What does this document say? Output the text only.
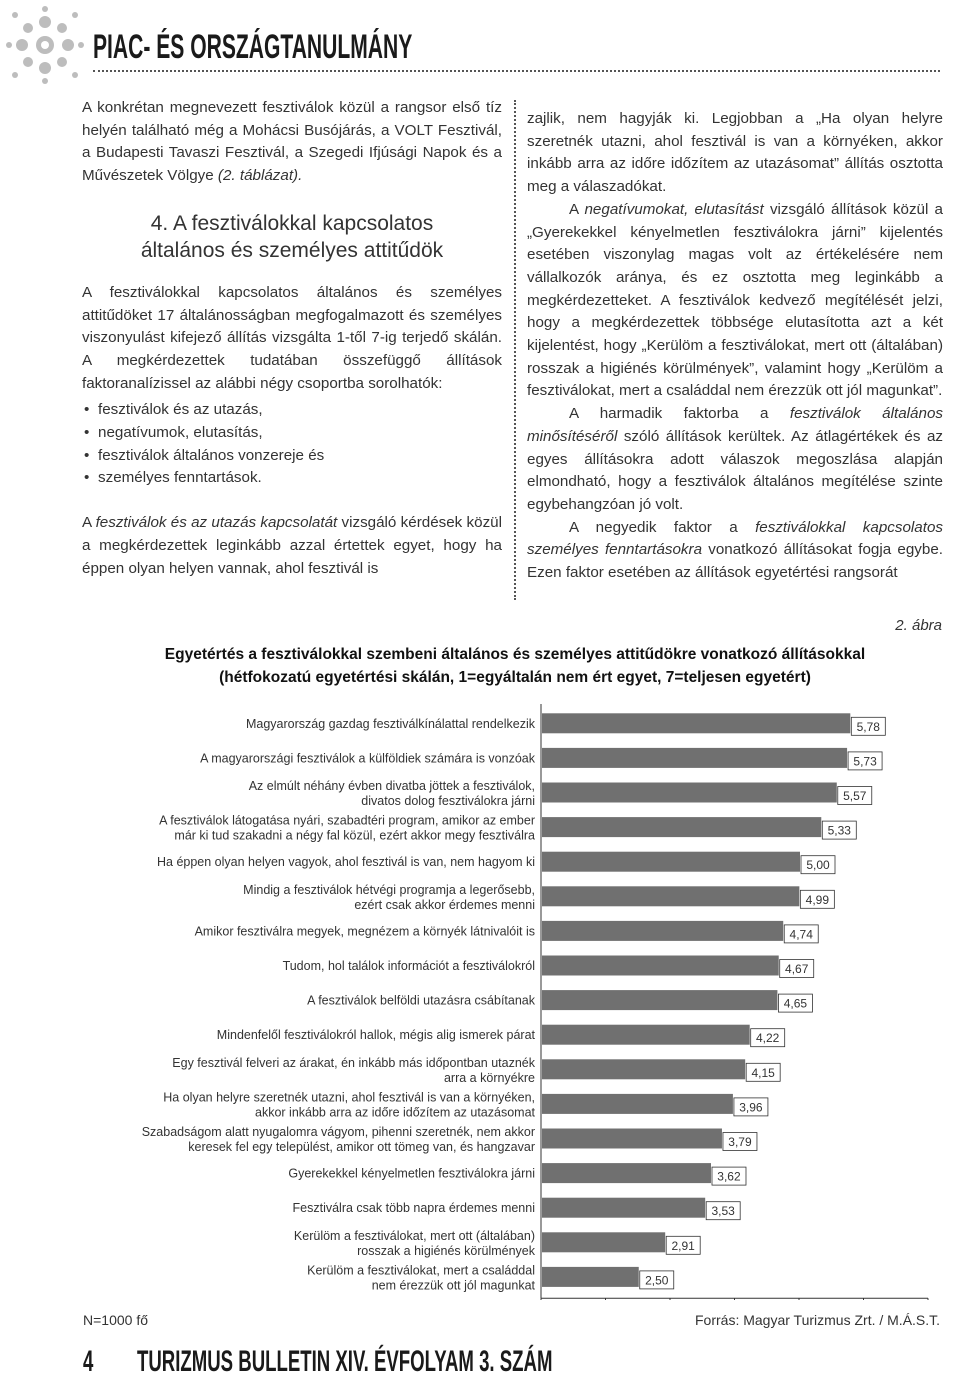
PIAC- ÉS ORSZÁGTANULMÁNY

A konkrétan megnevezett fesztiválok közül a rangsor első tíz helyén található még a Mohácsi Busójárás, a VOLT Fesztivál, a Budapesti Tavaszi Fesztivál, a Szegedi Ifjúsági Napok és a Művészetek Völgye (2. táblázat).

4. A fesztiválokkal kapcsolatos
általános és személyes attitűdök

A fesztiválokkal kapcsolatos általános és személyes attitűdöket 17 általánosságban megfogalmazott és személyes viszonyulást kifejező állítás vizsgálta 1-től 7-ig terjedő skálán. A megkérdezettek tudatában összefüggő állítások faktoranalízissel az alábbi négy csoportba sorolhatók:

• fesztiválok és az utazás,
• negatívumok, elutasítás,
• fesztiválok általános vonzereje és
• személyes fenntartások.

A fesztiválok és az utazás kapcsolatát vizsgáló kérdések közül a megkérdezettek leginkább azzal értettek egyet, hogy ha éppen olyan helyen vannak, ahol fesztivál is

zajlik, nem hagyják ki. Legjobban a „Ha olyan helyre szeretnék utazni, ahol fesztivál is van a környéken, akkor inkább arra az időre időzítem az utazásomat” állítás osztotta meg a válaszadókat.

A negatívumokat, elutasítást vizsgáló állítások közül a „Gyerekekkel kényelmetlen fesztiválokra járni” kijelentés esetében viszonylag magas volt az értékelésére nem vállalkozók aránya, és ez osztotta meg leginkább a megkérdezetteket. A fesztiválok kedvező megítélését jelzi, hogy a megkérdezettek többsége elutasította azt a két kijelentést, hogy „Kerülöm a fesztiválokat, mert ott (általában) rosszak a higiénés körülmények”, valamint hogy „Kerülöm a fesztiválokat, mert a családdal nem érezzük ott jól magunkat”.

A harmadik faktorba a fesztiválok általános minősítéséről szóló állítások kerültek. Az átlagértékek és az egyes állításokra adott válaszok megoszlása alapján elmondható, hogy a fesztiválok általános megítélése szinte egybehangzóan jó volt.

A negyedik faktor a fesztiválokkal kapcsolatos személyes fenntartásokra vonatkozó állításokat fogja egybe. Ezen faktor esetében az állítások egyetértési rangsorát

2. ábra
Egyetértés a fesztiválokkal szembeni általános és személyes attitűdökre vonatkozó állításokkal
(hétfokozatú egyetértési skálán, 1=egyáltalán nem ért egyet, 7=teljesen egyetért)
5,78
Magyarország gazdag fesztiválkínálattal rendelkezik
5,73
A magyarországi fesztiválok a külföldiek számára is vonzóak
5,57
Az elmúlt néhány évben divatba jöttek a fesztiválok,
divatos dolog fesztiválokra járni
5,33
A fesztiválok látogatása nyári, szabadtéri program, amikor az ember
már ki tud szakadni a négy fal közül, ezért akkor megy fesztiválra
5,00
Ha éppen olyan helyen vagyok, ahol fesztivál is van, nem hagyom ki
4,99
Mindig a fesztiválok hétvégi programja a legerősebb,
ezért csak akkor érdemes menni
4,74
Amikor fesztiválra megyek, megnézem a környék látnivalóit is
4,67
Tudom, hol találok információt a fesztiválokról
4,65
A fesztiválok belföldi utazásra csábítanak
4,22
Mindenfelől fesztiválokról hallok, mégis alig ismerek párat
4,15
Egy fesztivál felveri az árakat, én inkább más időpontban utaznék
arra a környékre
3,96
Ha olyan helyre szeretnék utazni, ahol fesztivál is van a környéken,
akkor inkább arra az időre időzítem az utazásomat
3,79
Szabadságom alatt nyugalomra vágyom, pihenni szeretnék, nem akkor
keresek fel egy települést, amikor ott tömeg van, és hangzavar
3,62
Gyerekekkel kényelmetlen fesztiválokra járni
3,53
Fesztiválra csak több napra érdemes menni
2,91
Kerülöm a fesztiválokat, mert ott (általában)
rosszak a higiénés körülmények
2,50
Kerülöm a fesztiválokat, mert a családdal
nem érezzük ott jól magunkat
N=1000 fő	Forrás: Magyar Turizmus Zrt. / M.Á.S.T.
4 TURIZMUS BULLETIN XIV. ÉVFOLYAM 3. SZÁM
